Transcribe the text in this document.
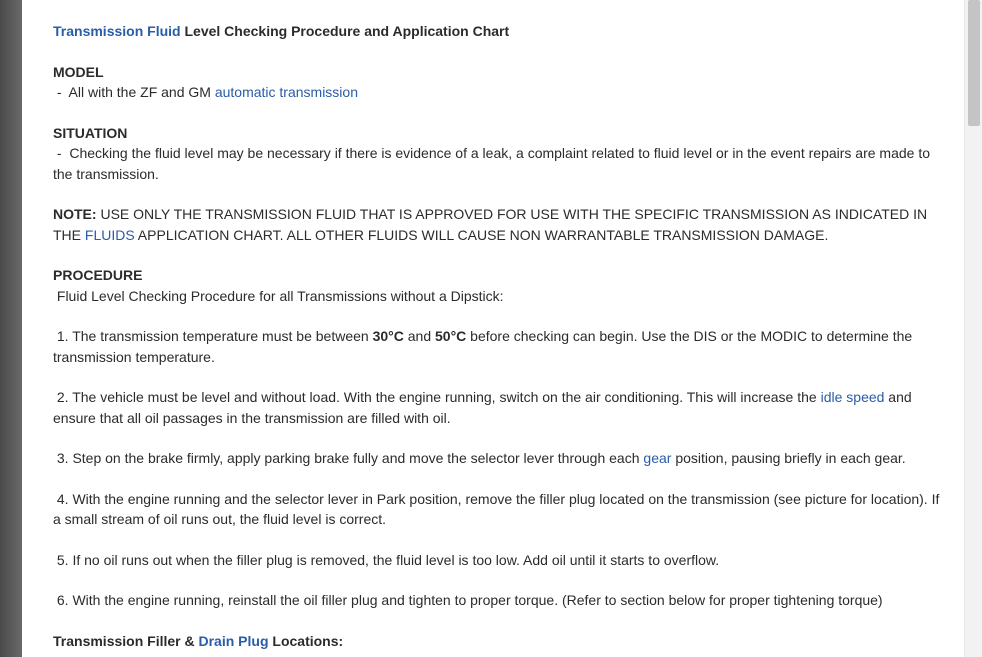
Transmission Fluid Level Checking Procedure and Application Chart

MODEL

-  All with the ZF and GM automatic transmission

SITUATION

-  Checking the fluid level may be necessary if there is evidence of a leak, a complaint related to fluid level or in the event repairs are made to the transmission.

NOTE: USE ONLY THE TRANSMISSION FLUID THAT IS APPROVED FOR USE WITH THE SPECIFIC TRANSMISSION AS INDICATED IN THE FLUIDS APPLICATION CHART. ALL OTHER FLUIDS WILL CAUSE NON WARRANTABLE TRANSMISSION DAMAGE.

PROCEDURE

Fluid Level Checking Procedure for all Transmissions without a Dipstick:

1. The transmission temperature must be between 30°C and 50°C before checking can begin. Use the DIS or the MODIC to determine the transmission temperature.

2. The vehicle must be level and without load. With the engine running, switch on the air conditioning. This will increase the idle speed and ensure that all oil passages in the transmission are filled with oil.

3. Step on the brake firmly, apply parking brake fully and move the selector lever through each gear position, pausing briefly in each gear.

4. With the engine running and the selector lever in Park position, remove the filler plug located on the transmission (see picture for location). If a small stream of oil runs out, the fluid level is correct.

5. If no oil runs out when the filler plug is removed, the fluid level is too low. Add oil until it starts to overflow.

6. With the engine running, reinstall the oil filler plug and tighten to proper torque. (Refer to section below for proper tightening torque)

Transmission Filler & Drain Plug Locations:
